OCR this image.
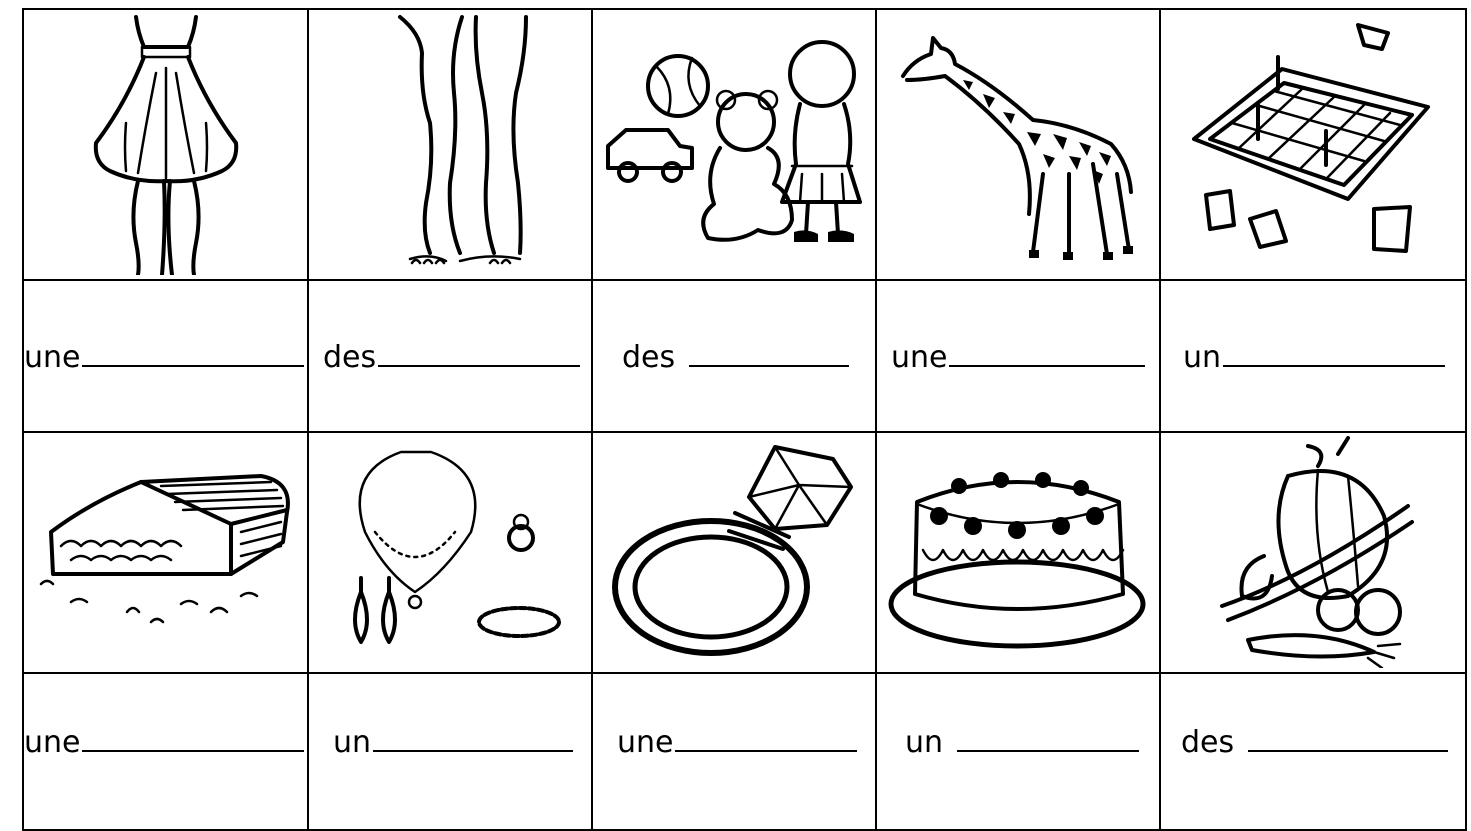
une	des	des	une	un

une	un	une	un	des
